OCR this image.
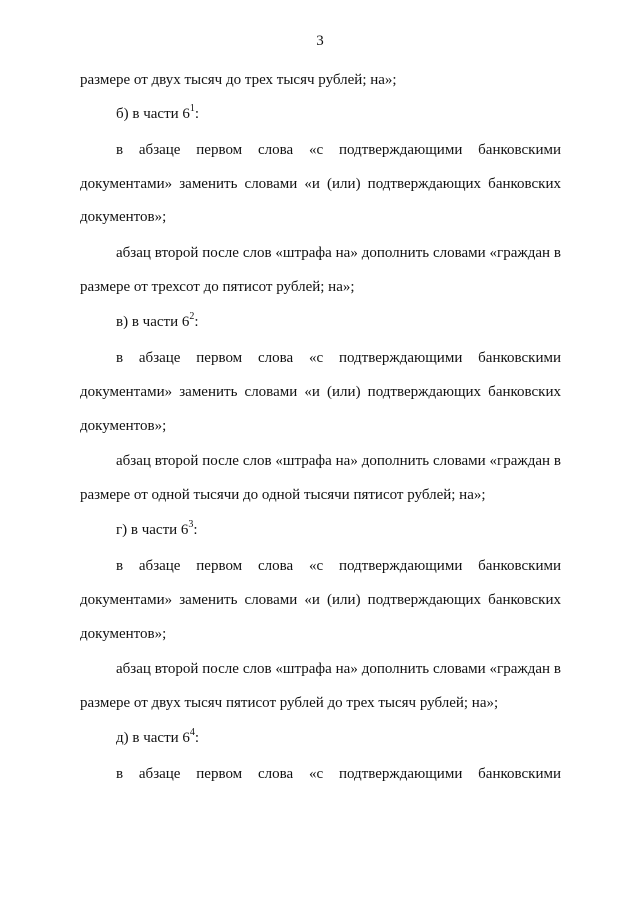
3
размере от двух тысяч до трех тысяч рублей; на»;
б) в части $6^1$:
в абзаце первом слова «с подтверждающими банковскими
документами» заменить словами «и (или) подтверждающих банковских
документов»;
абзац второй после слов «штрафа на» дополнить словами «граждан в
размере от трехсот до пятисот рублей; на»;
в) в части $6^2$:
в абзаце первом слова «с подтверждающими банковскими
документами» заменить словами «и (или) подтверждающих банковских
документов»;
абзац второй после слов «штрафа на» дополнить словами «граждан в
размере от одной тысячи до одной тысячи пятисот рублей; на»;
г) в части $6^3$:
в абзаце первом слова «с подтверждающими банковскими
документами» заменить словами «и (или) подтверждающих банковских
документов»;
абзац второй после слов «штрафа на» дополнить словами «граждан в
размере от двух тысяч пятисот рублей до трех тысяч рублей; на»;
д) в части $6^4$:
в абзаце первом слова «с подтверждающими банковскими
